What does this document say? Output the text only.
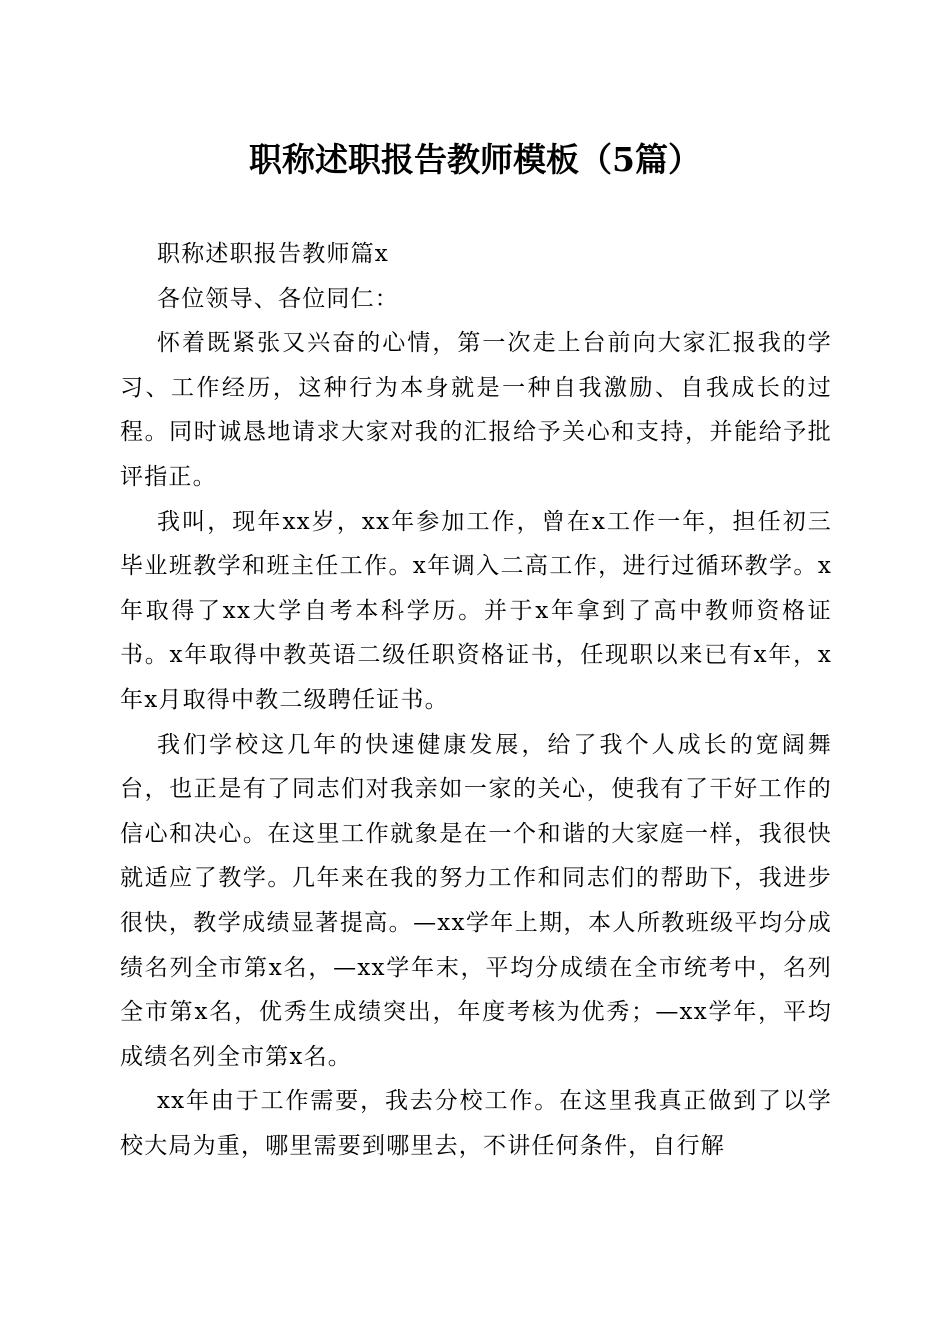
职称述职报告教师模板（5篇）

职称述职报告教师篇x

各位领导、各位同仁：

怀着既紧张又兴奋的心情，第一次走上台前向大家汇报我的学习、工作经历，这种行为本身就是一种自我激励、自我成长的过程。同时诚恳地请求大家对我的汇报给予关心和支持，并能给予批评指正。

我叫，现年xx岁，xx年参加工作，曾在x工作一年，担任初三毕业班教学和班主任工作。x年调入二高工作，进行过循环教学。x年取得了xx大学自考本科学历。并于x年拿到了高中教师资格证书。x年取得中教英语二级任职资格证书，任现职以来已有x年，x年x月取得中教二级聘任证书。

我们学校这几年的快速健康发展，给了我个人成长的宽阔舞台，也正是有了同志们对我亲如一家的关心，使我有了干好工作的信心和决心。在这里工作就象是在一个和谐的大家庭一样，我很快就适应了教学。几年来在我的努力工作和同志们的帮助下，我进步很快，教学成绩显著提高。—xx学年上期，本人所教班级平均分成绩名列全市第x名，—xx学年末，平均分成绩在全市统考中，名列全市第x名，优秀生成绩突出，年度考核为优秀；—xx学年，平均成绩名列全市第x名。

xx年由于工作需要，我去分校工作。在这里我真正做到了以学校大局为重，哪里需要到哪里去，不讲任何条件，自行解
